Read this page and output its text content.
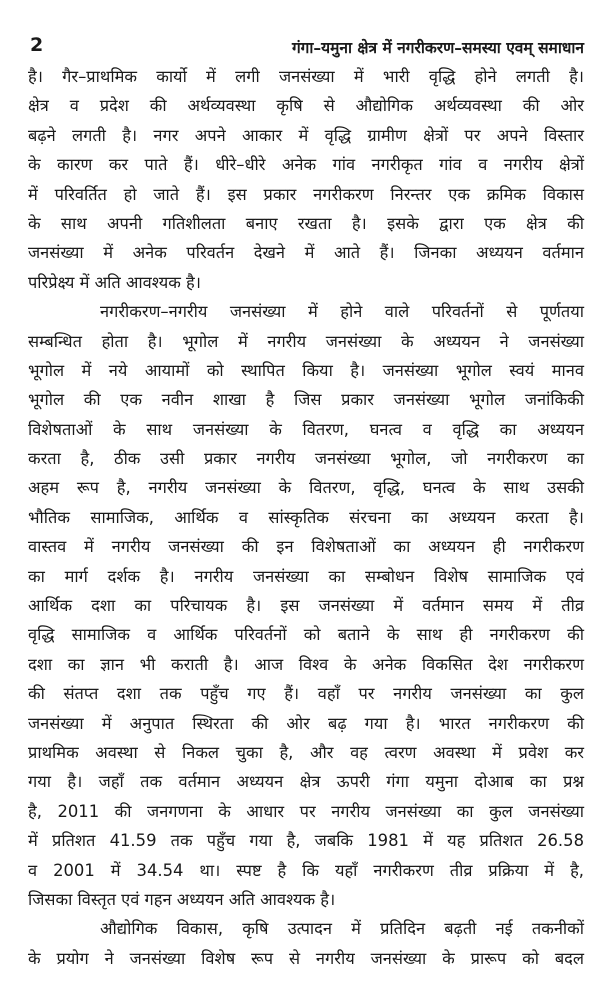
2	गंगा–यमुना क्षेत्र में नगरीकरण–समस्या एवम् समाधान
है। गैर–प्राथमिक कार्यो में लगी जनसंख्या में भारी वृद्धि होने लगती है।
क्षेत्र व प्रदेश की अर्थव्यवस्था कृषि से औद्योगिक अर्थव्यवस्था की ओर
बढ़ने लगती है। नगर अपने आकार में वृद्धि ग्रामीण क्षेत्रों पर अपने विस्तार
के कारण कर पाते हैं। धीरे–धीरे अनेक गांव नगरीकृत गांव व नगरीय क्षेत्रों
में परिवर्तित हो जाते हैं। इस प्रकार नगरीकरण निरन्तर एक क्रमिक विकास
के साथ अपनी गतिशीलता बनाए रखता है। इसके द्वारा एक क्षेत्र की
जनसंख्या में अनेक परिवर्तन देखने में आते हैं। जिनका अध्ययन वर्तमान
परिप्रेक्ष्य में अति आवश्यक है।
नगरीकरण–नगरीय जनसंख्या में होने वाले परिवर्तनों से पूर्णतया
सम्बन्धित होता है। भूगोल में नगरीय जनसंख्या के अध्ययन ने जनसंख्या
भूगोल में नये आयामों को स्थापित किया है। जनसंख्या भूगोल स्वयं मानव
भूगोल की एक नवीन शाखा है जिस प्रकार जनसंख्या भूगोल जनांकिकी
विशेषताओं के साथ जनसंख्या के वितरण, घनत्व व वृद्धि का अध्ययन
करता है, ठीक उसी प्रकार नगरीय जनसंख्या भूगोल, जो नगरीकरण का
अहम रूप है, नगरीय जनसंख्या के वितरण, वृद्धि, घनत्व के साथ उसकी
भौतिक सामाजिक, आर्थिक व सांस्कृतिक संरचना का अध्ययन करता है।
वास्तव में नगरीय जनसंख्या की इन विशेषताओं का अध्ययन ही नगरीकरण
का मार्ग दर्शक है। नगरीय जनसंख्या का सम्बोधन विशेष सामाजिक एवं
आर्थिक दशा का परिचायक है। इस जनसंख्या में वर्तमान समय में तीव्र
वृद्धि सामाजिक व आर्थिक परिवर्तनों को बताने के साथ ही नगरीकरण की
दशा का ज्ञान भी कराती है। आज विश्व के अनेक विकसित देश नगरीकरण
की संतप्त दशा तक पहुँच गए हैं। वहाँ पर नगरीय जनसंख्या का कुल
जनसंख्या में अनुपात स्थिरता की ओर बढ़ गया है। भारत नगरीकरण की
प्राथमिक अवस्था से निकल चुका है, और वह त्वरण अवस्था में प्रवेश कर
गया है। जहाँ तक वर्तमान अध्ययन क्षेत्र ऊपरी गंगा यमुना दोआब का प्रश्न
है, 2011 की जनगणना के आधार पर नगरीय जनसंख्या का कुल जनसंख्या
में प्रतिशत 41.59 तक पहुँच गया है, जबकि 1981 में यह प्रतिशत 26.58
व 2001 में 34.54 था। स्पष्ट है कि यहाँ नगरीकरण तीव्र प्रक्रिया में है,
जिसका विस्तृत एवं गहन अध्ययन अति आवश्यक है।
औद्योगिक विकास, कृषि उत्पादन में प्रतिदिन बढ़ती नई तकनीकों
के प्रयोग ने जनसंख्या विशेष रूप से नगरीय जनसंख्या के प्रारूप को बदल
